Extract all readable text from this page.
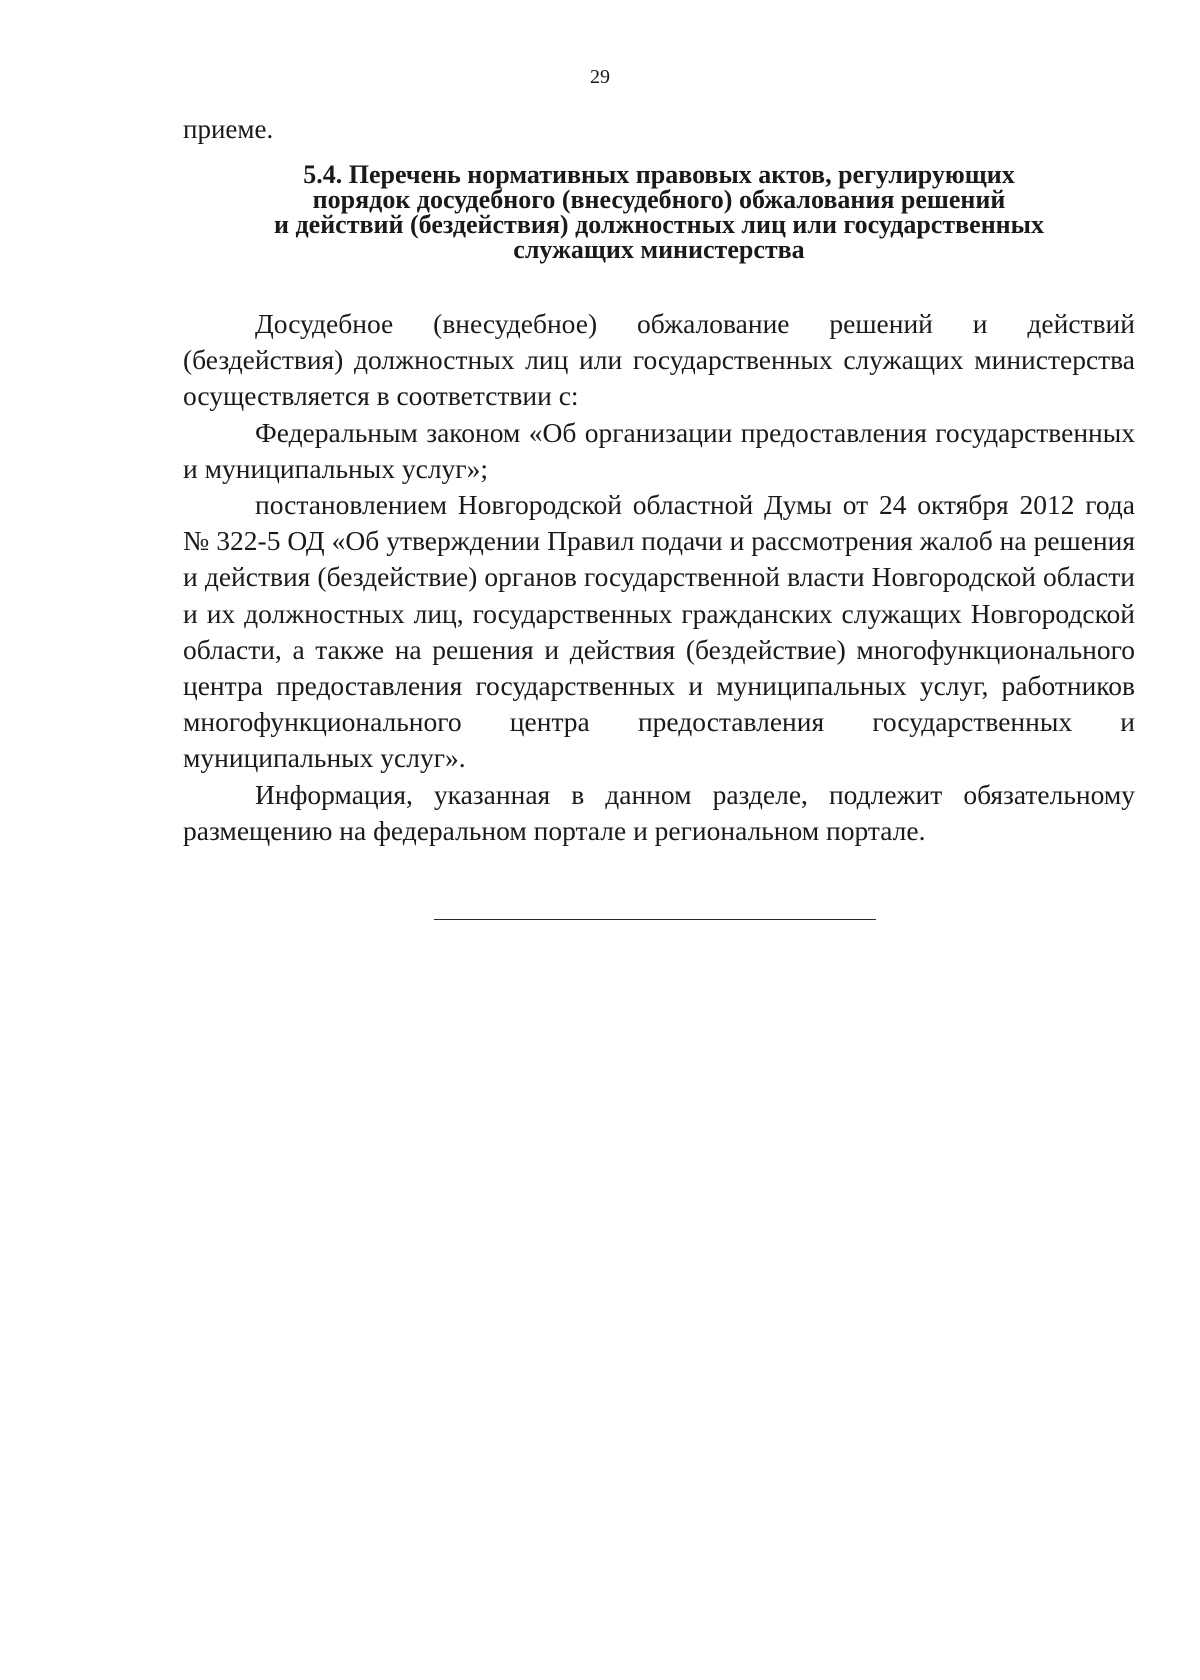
29
приеме.
5.4. Перечень нормативных правовых актов, регулирующих
порядок досудебного (внесудебного) обжалования решений
и действий (бездействия) должностных лиц или государственных
служащих министерства

Досудебное (внесудебное) обжалование решений и действий (бездействия) должностных лиц или государственных служащих министерства осуществляется в соответствии с:

Федеральным законом «Об организации предоставления государственных и муниципальных услуг»;

постановлением Новгородской областной Думы от 24 октября 2012 года № 322-5 ОД «Об утверждении Правил подачи и рассмотрения жалоб на решения и действия (бездействие) органов государственной власти Новгородской области и их должностных лиц, государственных гражданских служащих Новгородской области, а также на решения и действия (бездействие) многофункционального центра предоставления государственных и муниципальных услуг, работников многофункционального центра предоставления государственных и муниципальных услуг».

Информация, указанная в данном разделе, подлежит обязательному размещению на федеральном портале и региональном портале.
